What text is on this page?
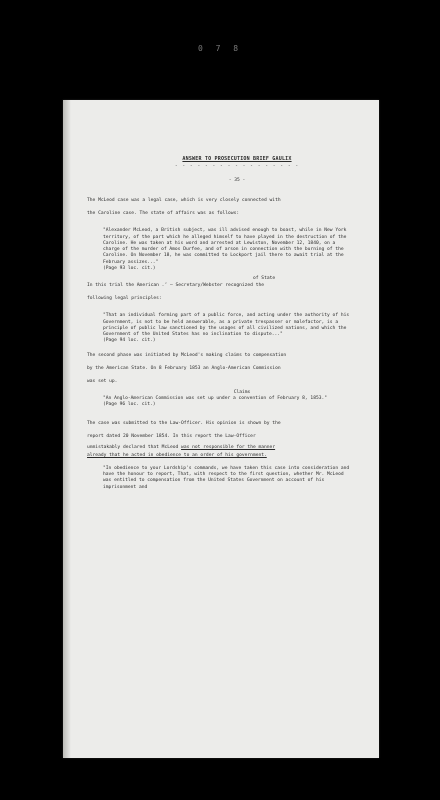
0 7 8
ANSWER TO PROSECUTION BRIEF GAULIX
- - - - - - - - - - - - - - - - -
- 35 -

The McLeod case was a legal case, which is very closely connected with

the Caroline case. The state of affairs was as follows:

"Alexander McLeod, a British subject, was ill advised enough to boast, while in New York territory, of the part which he alleged himself to have played in the destruction of the Caroline. He was taken at his word and arrested at Lewiston, November 12, 1840, on a charge of the murder of Amos Durfee, and of arson in connection with the burning of the Caroline. On November 18, he was committed to Lockport jail there to await trial at the February assizes..."
(Page 93 loc. cit.)
of State

In this trial the American .’ – Secretary/Webster recognized the

following legal principles:

"That an individual forming part of a public force, and acting under the authority of his Government, is not to be held answerable, as a private trespasser or malefactor, is a principle of public law sanctioned by the usages of all civilized nations, and which the Government of the United States has no inclination to dispute..."
(Page 94 loc. cit.)

The second phase was initiated by McLeod's making claims to compensation

by the American State. On 8 February 1853 an Anglo-American Commission

was set up.

Claims
"An Anglo-American Commission was set up under a convention of February 8, 1853."
(Page 96 loc. cit.)

The case was submitted to the Law-Officer. His opinion is shown by the

report dated 20 November 1854. In this report the Law-Officer

unmistakably declared that McLeod was not responsible for the manner

already that he acted in obedience to an order of his government.

"In obedience to your Lordship's commands, we have taken this case into consideration and have the honour to report, That, with respect to the first question, whether Mr. McLeod was entitled to compensation from the United States Government on account of his imprisonment and
